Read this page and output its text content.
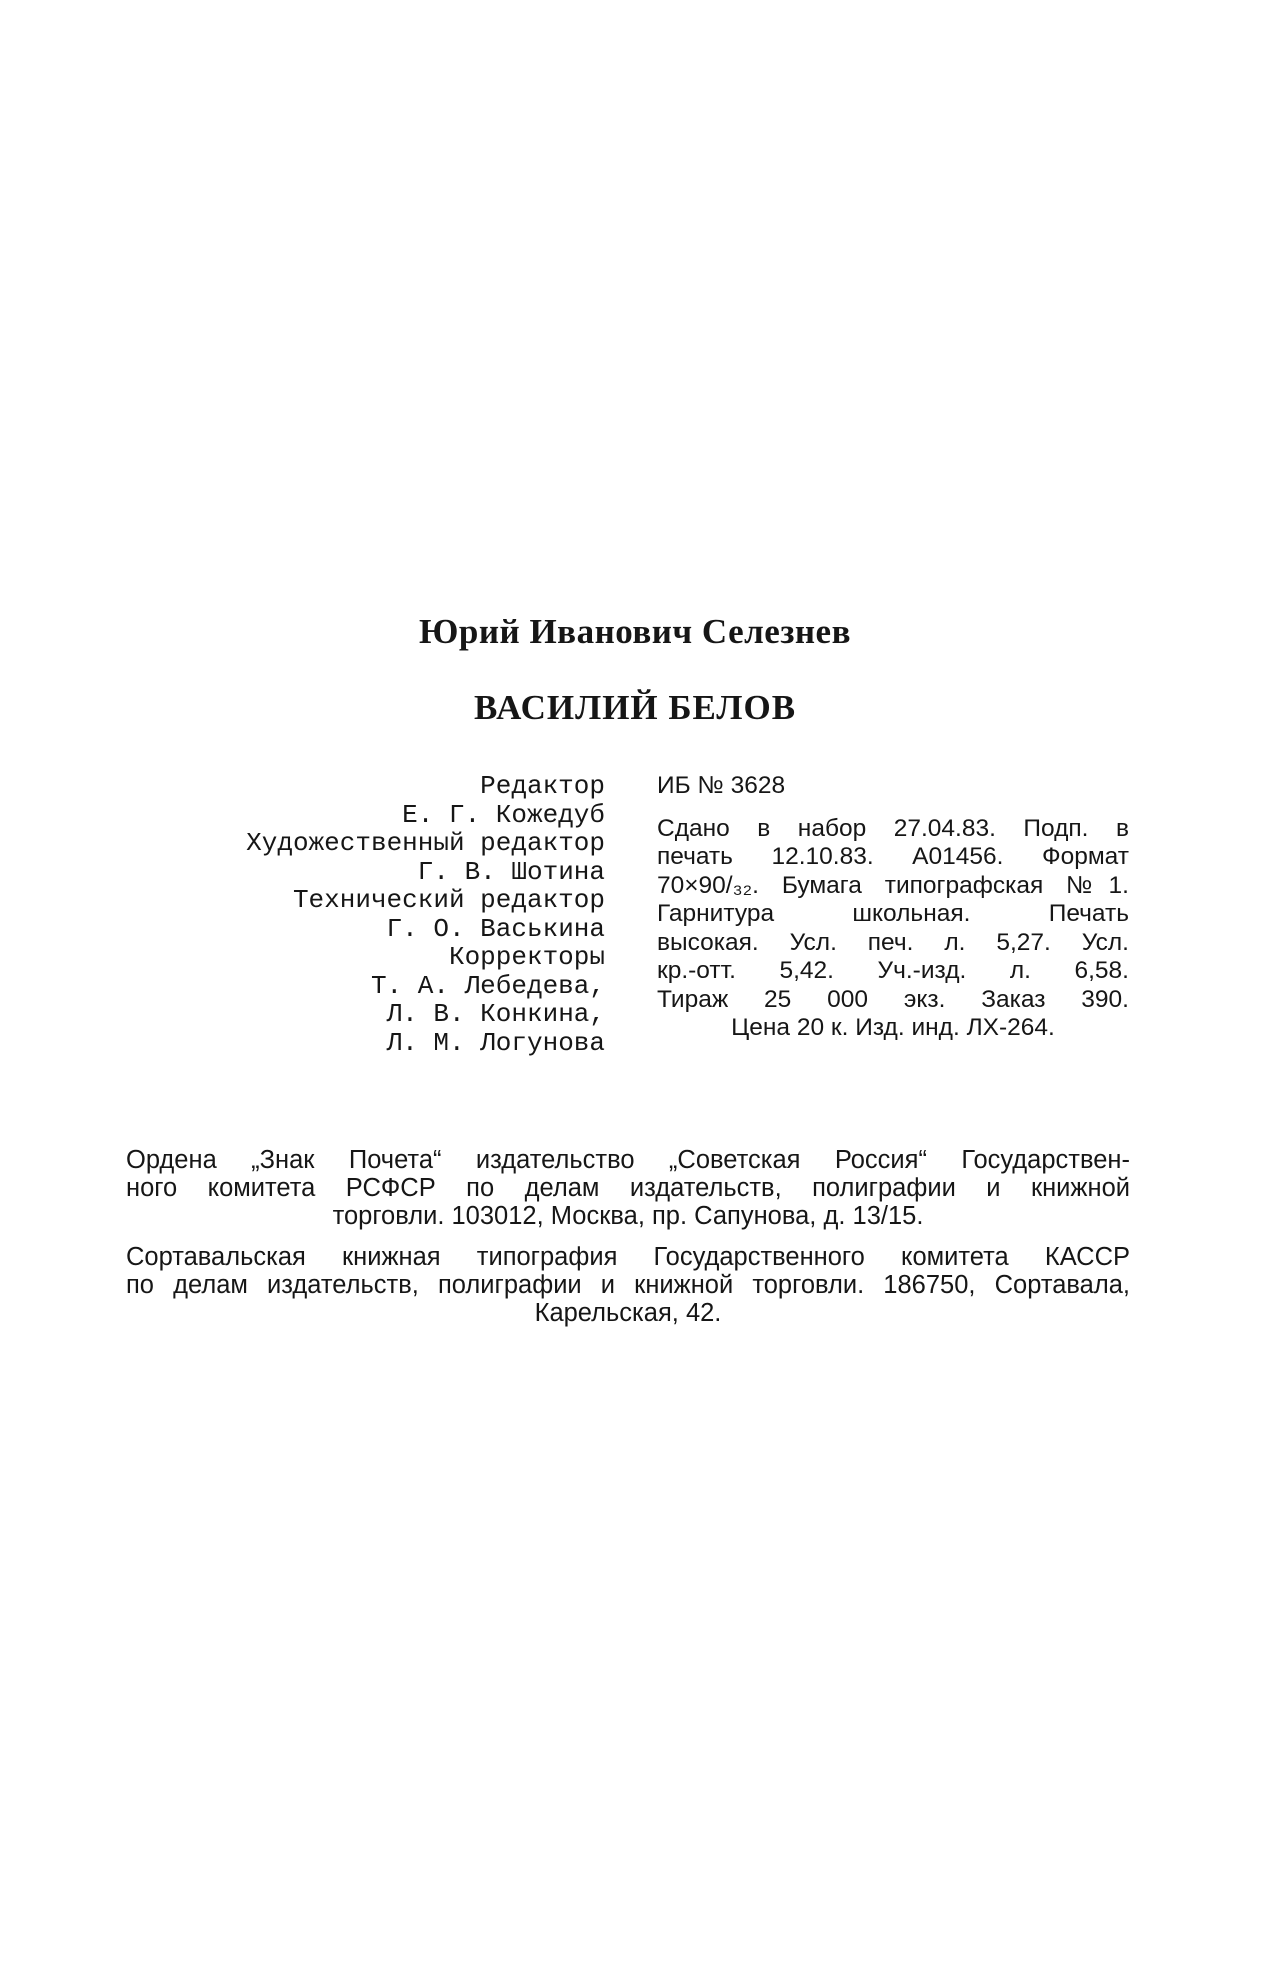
Юрий Иванович Селезнев
ВАСИЛИЙ БЕЛОВ
Редактор
Е. Г. Кожедуб
Художественный редактор
Г. В. Шотина
Технический редактор
Г. О. Васькина
Корректоры
Т. А. Лебедева,
Л. В. Конкина,
Л. М. Логунова
ИБ № 3628
Сдано в набор 27.04.83. Подп. в
печать 12.10.83. А01456. Формат
70×90/₃₂. Бумага типографская №1.
Гарнитура школьная. Печать
высокая. Усл. печ. л. 5,27. Усл.
кр.-отт. 5,42. Уч.-изд. л. 6,58.
Тираж 25 000 экз. Заказ 390.
Цена 20 к. Изд. инд. ЛХ-264.
Ордена „Знак Почета“ издательство „Советская Россия“ Государствен-
ного комитета РСФСР по делам издательств, полиграфии и книжной
торговли. 103012, Москва, пр. Сапунова, д. 13/15.
Сортавальская книжная типография Государственного комитета КАССР
по делам издательств, полиграфии и книжной торговли. 186750, Сортавала,
Карельская, 42.
